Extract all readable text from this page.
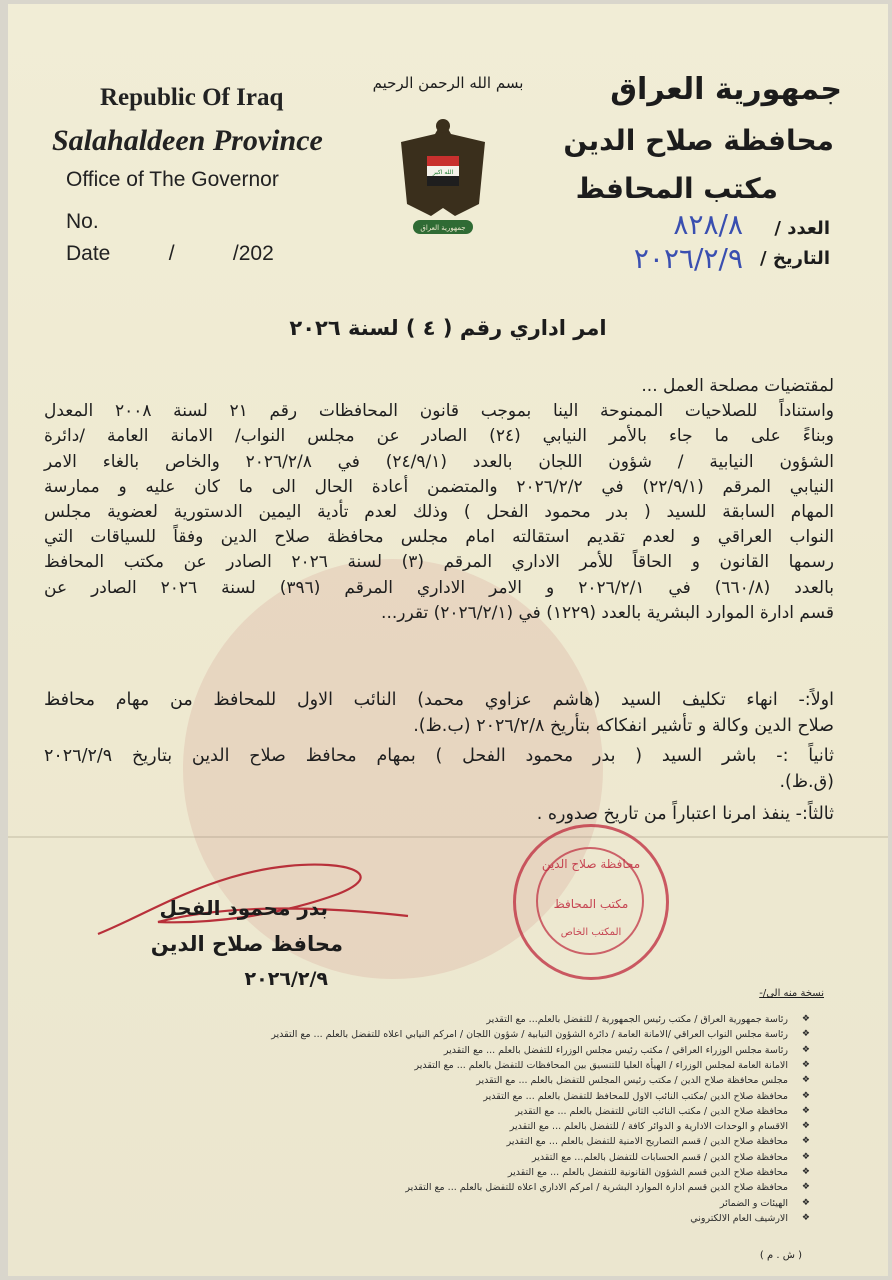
Republic Of Iraq
Salahaldeen Province
Office of The Governor
No.
Date          /          /202
بسم الله الرحمن الرحيم
الله اكبر
جمهورية العراق
جمهورية العراق
محافظة صلاح الدين
مكتب المحافظ
العدد /
٨٢٨/٨
التاريخ /
٢٠٢٦/٢/٩
امر اداري رقم ( ٤ ) لسنة ٢٠٢٦
لمقتضيات مصلحة العمل ...
واستناداً للصلاحيات الممنوحة الينا بموجب قانون المحافظات رقم ٢١ لسنة ٢٠٠٨ المعدل
وبناءً على ما جاء بالأمر النيابي (٢٤) الصادر عن مجلس النواب/ الامانة العامة /دائرة
الشؤون النيابية / شؤون اللجان بالعدد (٢٤/٩/١) في ٢٠٢٦/٢/٨ والخاص بالغاء الامر
النيابي المرقم (٢٢/٩/١) في ٢٠٢٦/٢/٢ والمتضمن أعادة الحال الى ما كان عليه و ممارسة
المهام السابقة للسيد ( بدر محمود الفحل ) وذلك لعدم تأدية اليمين الدستورية لعضوية مجلس
النواب العراقي و لعدم تقديم استقالته امام مجلس محافظة صلاح الدين وفقاً للسياقات التي
رسمها القانون و الحاقاً للأمر الاداري المرقم (٣) لسنة ٢٠٢٦ الصادر عن مكتب المحافظ
بالعدد (٦٦٠/٨) في ٢٠٢٦/٢/١ و الامر الاداري المرقم (٣٩٦) لسنة ٢٠٢٦ الصادر عن
قسم ادارة الموارد البشرية بالعدد (١٢٢٩) في (٢٠٢٦/٢/١) تقرر...
اولاً:- انهاء تكليف السيد (هاشم عزاوي محمد) النائب الاول للمحافظ من مهام محافظ
صلاح الدين وكالة و تأشير انفكاكه بتأريخ ٢٠٢٦/٢/٨ (ب.ظ).
ثانياً :- باشر السيد ( بدر محمود الفحل ) بمهام محافظ صلاح الدين بتاريخ ٢٠٢٦/٢/٩
(ق.ظ).
ثالثاً:- ينفذ امرنا اعتباراً من تاريخ صدوره .
بدر محمود الفحل
محافظ صلاح الدين
٢٠٢٦/٢/٩
محافظة صلاح الدين
مكتب المحافظ
المكتب الخاص
نسخة منه الى/-
رئاسة جمهورية العراق / مكتب رئيس الجمهورية / للتفضل بالعلم... مع التقدير ❖
رئاسة مجلس النواب العراقي /الامانة العامة / دائرة الشؤون النيابية / شؤون اللجان / امركم النيابي اعلاه للتفضل بالعلم ... مع التقدير ❖
رئاسة مجلس الوزراء العراقي / مكتب رئيس مجلس الوزراء للتفضل بالعلم ... مع التقدير ❖
الامانة العامة لمجلس الوزراء / الهيأة العليا للتنسيق بين المحافظات للتفضل بالعلم ... مع التقدير ❖
مجلس محافظة صلاح الدين / مكتب رئيس المجلس للتفضل بالعلم ... مع التقدير ❖
محافظة صلاح الدين /مكتب النائب الاول للمحافظ للتفضل بالعلم ... مع التقدير ❖
محافظة صلاح الدين / مكتب النائب الثاني للتفضل بالعلم ... مع التقدير ❖
الاقسام و الوحدات الادارية و الدوائر كافة / للتفضل بالعلم ... مع التقدير ❖
محافظة صلاح الدين / قسم التصاريح الامنية للتفضل بالعلم ... مع التقدير ❖
محافظة صلاح الدين / قسم الحسابات للتفضل بالعلم... مع التقدير ❖
محافظة صلاح الدين قسم الشؤون القانونية للتفضل بالعلم ... مع التقدير ❖
محافظة صلاح الدين قسم ادارة الموارد البشرية / امركم الاداري اعلاه للتفضل بالعلم ... مع التقدير ❖
الهيئات و الضمائر ❖
الارشيف العام الالكتروني ❖
( ش . م )
